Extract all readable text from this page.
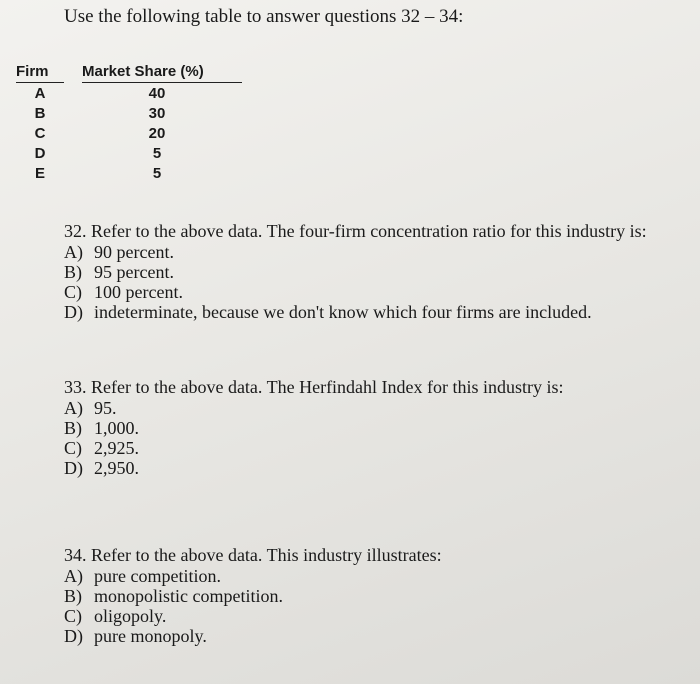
Use the following table to answer questions 32 – 34:
Firm	Market Share (%)
A	40
B	30
C	20
D	5
E	5
32. Refer to the above data. The four-firm concentration ratio for this industry is:
A) 90 percent.
B) 95 percent.
C) 100 percent.
D) indeterminate, because we don't know which four firms are included.
33. Refer to the above data. The Herfindahl Index for this industry is:
A) 95.
B) 1,000.
C) 2,925.
D) 2,950.
34. Refer to the above data. This industry illustrates:
A) pure competition.
B) monopolistic competition.
C) oligopoly.
D) pure monopoly.
